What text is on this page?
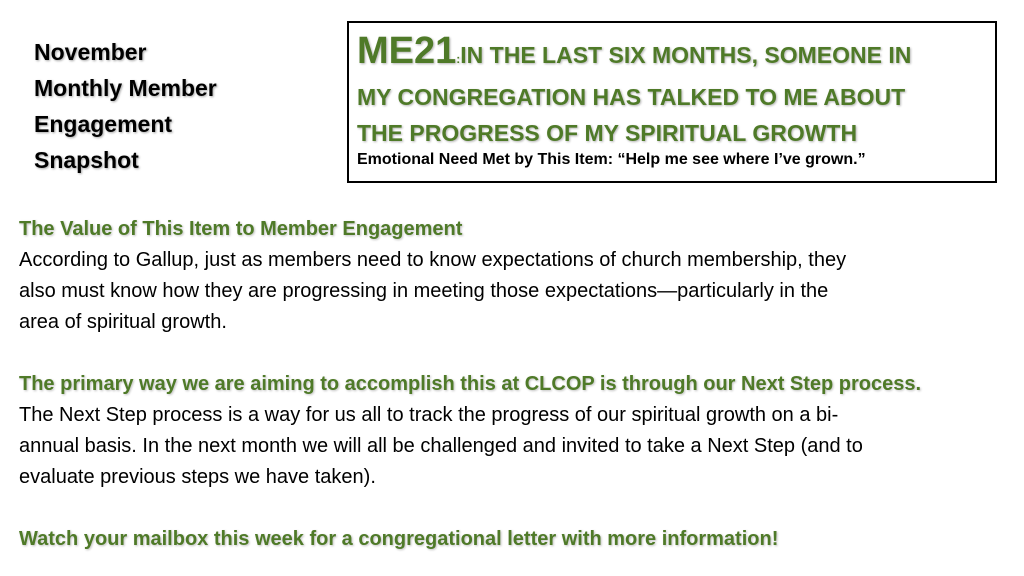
November
Monthly Member
Engagement
Snapshot
ME21:IN THE LAST SIX MONTHS, SOMEONE IN
MY CONGREGATION HAS TALKED TO ME ABOUT
THE PROGRESS OF MY SPIRITUAL GROWTH
Emotional Need Met by This Item: “Help me see where I’ve grown.”
The Value of This Item to Member Engagement

According to Gallup, just as members need to know expectations of church membership, they
also must know how they are progressing in meeting those expectations—particularly in the
area of spiritual growth.

The primary way we are aiming to accomplish this at CLCOP is through our Next Step process.

The Next Step process is a way for us all to track the progress of our spiritual growth on a bi-
annual basis. In the next month we will all be challenged and invited to take a Next Step (and to
evaluate previous steps we have taken).

Watch your mailbox this week for a congregational letter with more information!
